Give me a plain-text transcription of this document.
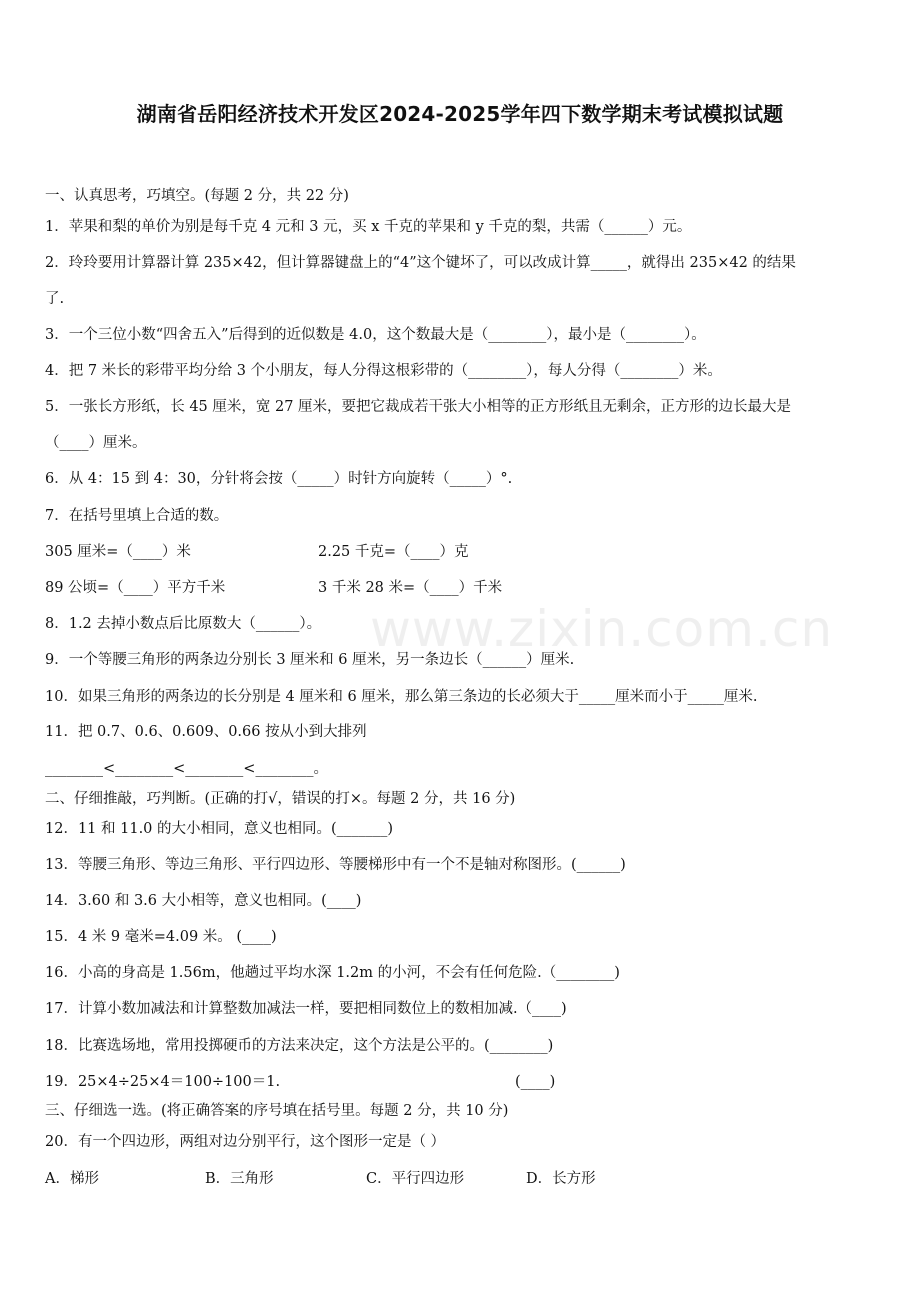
www.zixin.com.cn
湖南省岳阳经济技术开发区2024-2025学年四下数学期末考试模拟试题
一、认真思考，巧填空。(每题 2 分，共 22 分)
1．苹果和梨的单价为别是每千克 4 元和 3 元，买 x 千克的苹果和 y 千克的梨，共需（______）元。
2．玲玲要用计算器计算 235×42，但计算器键盘上的“4”这个键坏了，可以改成计算_____，就得出 235×42 的结果
了.
3．一个三位小数“四舍五入”后得到的近似数是 4.0，这个数最大是（________），最小是（________）。
4．把 7 米长的彩带平均分给 3 个小朋友，每人分得这根彩带的（________），每人分得（________）米。
5．一张长方形纸，长 45 厘米，宽 27 厘米，要把它裁成若干张大小相等的正方形纸且无剩余，正方形的边长最大是
（____）厘米。
6．从 4：15 到 4：30，分针将会按（_____）时针方向旋转（_____）°.
7．在括号里填上合适的数。
305 厘米=（____）米	2.25 千克=（____）克
89 公顷=（____）平方千米	3 千米 28 米=（____）千米
8．1.2 去掉小数点后比原数大（______）。
9．一个等腰三角形的两条边分别长 3 厘米和 6 厘米，另一条边长（______）厘米.
10．如果三角形的两条边的长分别是 4 厘米和 6 厘米，那么第三条边的长必须大于_____厘米而小于_____厘米.
11．把 0.7、0.6、0.609、0.66 按从小到大排列
________<________<________<________。
二、仔细推敲，巧判断。(正确的打√，错误的打×。每题 2 分，共 16 分)
12．11 和 11.0 的大小相同，意义也相同。(_______)
13．等腰三角形、等边三角形、平行四边形、等腰梯形中有一个不是轴对称图形。(______)
14．3.60 和 3.6 大小相等，意义也相同。(____)
15．4 米 9 毫米=4.09 米。 (____)
16．小高的身高是 1.56m，他趟过平均水深 1.2m 的小河，不会有任何危险.（________)
17．计算小数加减法和计算整数加减法一样，要把相同数位上的数相加减.（____)
18．比赛选场地，常用投掷硬币的方法来决定，这个方法是公平的。(________)
19．25×4÷25×4＝100÷100＝1.	(____)
三、仔细选一选。(将正确答案的序号填在括号里。每题 2 分，共 10 分)
20．有一个四边形，两组对边分别平行，这个图形一定是（ ）
A．梯形	B．三角形	C．平行四边形	D．长方形
